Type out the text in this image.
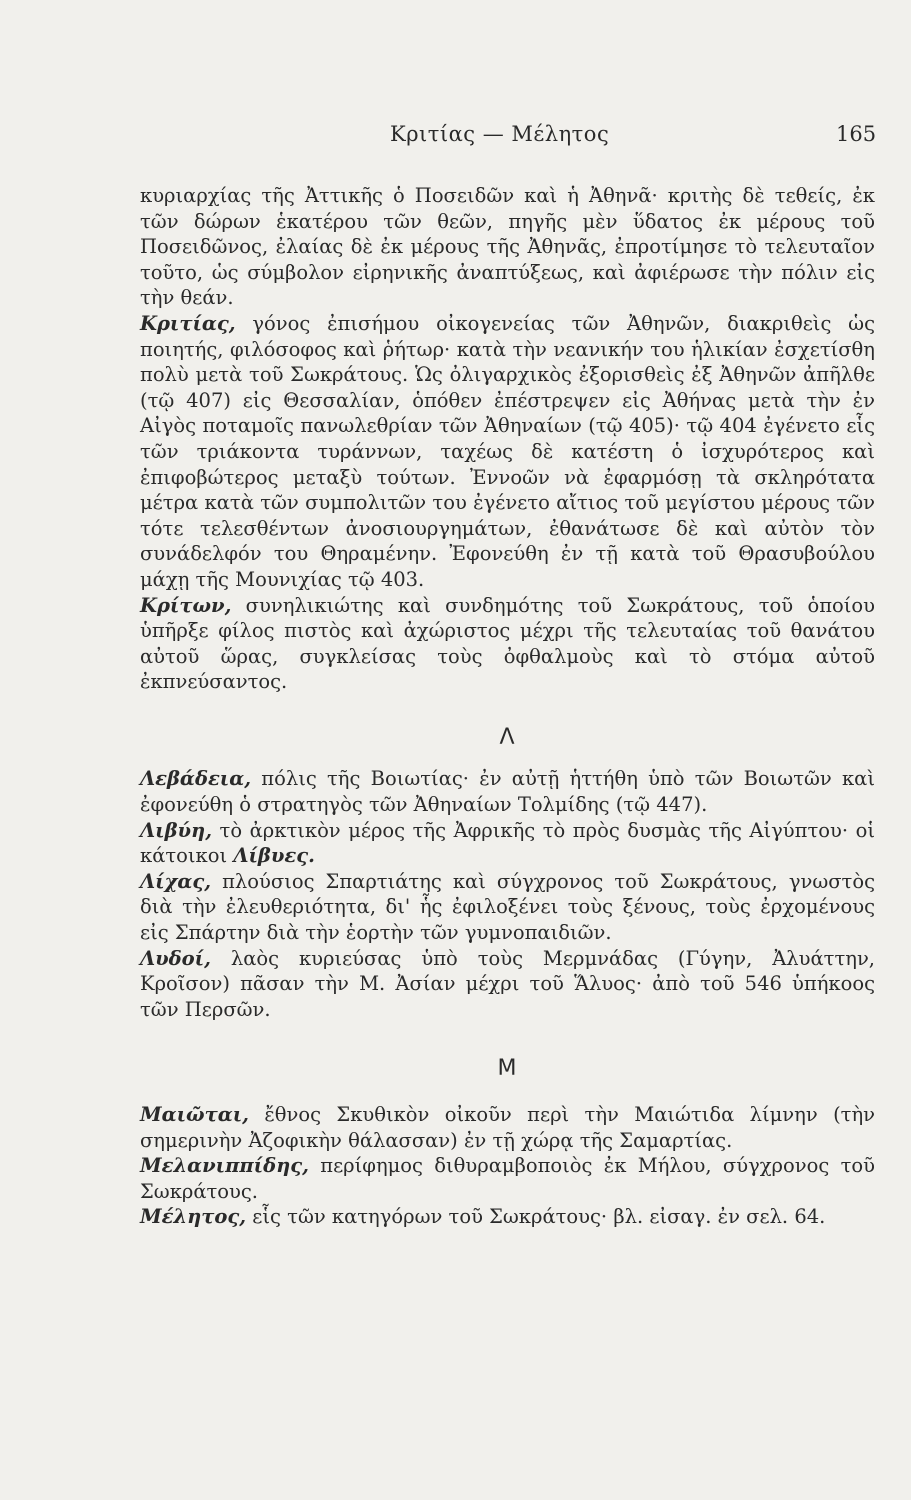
Κριτίας — Μέλητος	165

κυριαρχίας τῆς Ἀττικῆς ὁ Ποσειδῶν καὶ ἡ Ἀθηνᾶ· κριτὴς δὲ τεθείς, ἐκ τῶν δώρων ἑκατέρου τῶν θεῶν, πηγῆς μὲν ὕδατος ἐκ μέρους τοῦ Ποσειδῶνος, ἐλαίας δὲ ἐκ μέρους τῆς Ἀθηνᾶς, ἐπροτίμησε τὸ τελευταῖον τοῦτο, ὡς σύμβολον εἰρηνικῆς ἀναπτύξεως, καὶ ἀφιέρωσε τὴν πόλιν εἰς τὴν θεάν.

Κριτίας, γόνος ἐπισήμου οἰκογενείας τῶν Ἀθηνῶν, διακριθεὶς ὡς ποιητής, φιλόσοφος καὶ ῥήτωρ· κατὰ τὴν νεανικήν του ἡλικίαν ἐσχετίσθη πολὺ μετὰ τοῦ Σωκράτους. Ὡς ὀλιγαρχικὸς ἐξορισθεὶς ἐξ Ἀθηνῶν ἀπῆλθε (τῷ 407) εἰς Θεσσαλίαν, ὁπόθεν ἐπέστρεψεν εἰς Ἀθήνας μετὰ τὴν ἐν Αἰγὸς ποταμοῖς πανωλεθρίαν τῶν Ἀθηναίων (τῷ 405)· τῷ 404 ἐγένετο εἷς τῶν τριάκοντα τυράννων, ταχέως δὲ κατέστη ὁ ἰσχυρότερος καὶ ἐπιφοβώτερος μεταξὺ τούτων. Ἐννοῶν νὰ ἐφαρμόσῃ τὰ σκληρότατα μέτρα κατὰ τῶν συμπολιτῶν του ἐγένετο αἴτιος τοῦ μεγίστου μέρους τῶν τότε τελεσθέντων ἀνοσιουργημάτων, ἐθανάτωσε δὲ καὶ αὐτὸν τὸν συνάδελφόν του Θηραμένην. Ἐφονεύθη ἐν τῇ κατὰ τοῦ Θρασυβούλου μάχῃ τῆς Μουνιχίας τῷ 403.

Κρίτων, συνηλικιώτης καὶ συνδημότης τοῦ Σωκράτους, τοῦ ὁποίου ὑπῆρξε φίλος πιστὸς καὶ ἀχώριστος μέχρι τῆς τελευταίας τοῦ θανάτου αὐτοῦ ὥρας, συγκλείσας τοὺς ὀφθαλμοὺς καὶ τὸ στόμα αὐτοῦ ἐκπνεύσαντος.

Λ

Λεβάδεια, πόλις τῆς Βοιωτίας· ἐν αὐτῇ ἡττήθη ὑπὸ τῶν Βοιωτῶν καὶ ἐφονεύθη ὁ στρατηγὸς τῶν Ἀθηναίων Τολμίδης (τῷ 447).

Λιβύη, τὸ ἀρκτικὸν μέρος τῆς Ἀφρικῆς τὸ πρὸς δυσμὰς τῆς Αἰγύπτου· οἱ κάτοικοι Λίβυες.

Λίχας, πλούσιος Σπαρτιάτης καὶ σύγχρονος τοῦ Σωκράτους, γνωστὸς διὰ τὴν ἐλευθεριότητα, δι' ἧς ἐφιλοξένει τοὺς ξένους, τοὺς ἐρχομένους εἰς Σπάρτην διὰ τὴν ἑορτὴν τῶν γυμνοπαιδιῶν.

Λυδοί, λαὸς κυριεύσας ὑπὸ τοὺς Μερμνάδας (Γύγην, Ἀλυάττην, Κροῖσον) πᾶσαν τὴν Μ. Ἀσίαν μέχρι τοῦ Ἅλυος· ἀπὸ τοῦ 546 ὑπήκοος τῶν Περσῶν.

Μ

Μαιῶται, ἔθνος Σκυθικὸν οἰκοῦν περὶ τὴν Μαιώτιδα λίμνην (τὴν σημερινὴν Ἀζοφικὴν θάλασσαν) ἐν τῇ χώρᾳ τῆς Σαμαρτίας.

Μελανιππίδης, περίφημος διθυραμβοποιὸς ἐκ Μήλου, σύγχρονος τοῦ Σωκράτους.

Μέλητος, εἷς τῶν κατηγόρων τοῦ Σωκράτους· βλ. εἰσαγ. ἐν σελ. 64.
